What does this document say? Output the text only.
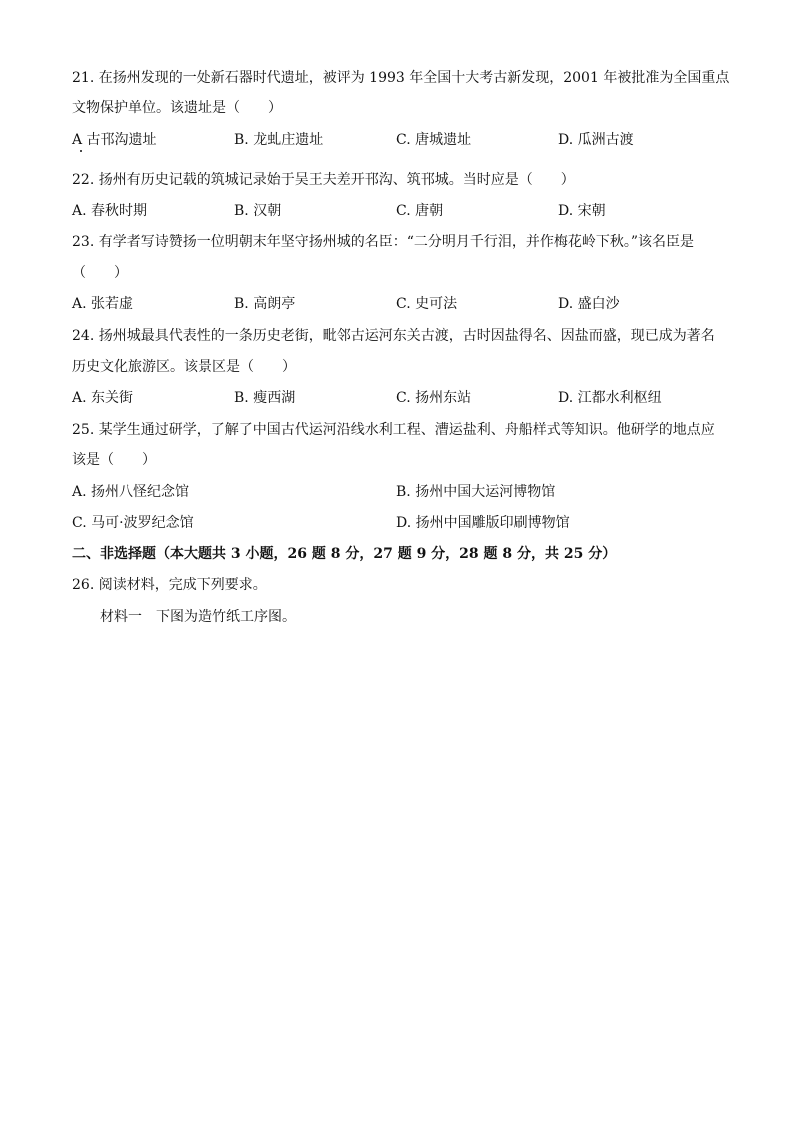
21. 在扬州发现的一处新石器时代遗址，被评为 1993 年全国十大考古新发现，2001 年被批准为全国重点
文物保护单位。该遗址是（　　）
A 古邗沟遗址	B. 龙虬庄遗址	C. 唐城遗址	D. 瓜洲古渡
22. 扬州有历史记载的筑城记录始于吴王夫差开邗沟、筑邗城。当时应是（　　）
A. 春秋时期	B. 汉朝	C. 唐朝	D. 宋朝
23. 有学者写诗赞扬一位明朝末年坚守扬州城的名臣：“二分明月千行泪，并作梅花岭下秋。”该名臣是
（　　）
A. 张若虚	B. 高朗亭	C. 史可法	D. 盛白沙
24. 扬州城最具代表性的一条历史老街，毗邻古运河东关古渡，古时因盐得名、因盐而盛，现已成为著名
历史文化旅游区。该景区是（　　）
A. 东关街	B. 瘦西湖	C. 扬州东站	D. 江都水利枢纽
25. 某学生通过研学，了解了中国古代运河沿线水利工程、漕运盐利、舟船样式等知识。他研学的地点应
该是（　　）
A. 扬州八怪纪念馆	B. 扬州中国大运河博物馆
C. 马可·波罗纪念馆	D. 扬州中国雕版印刷博物馆
二、非选择题（本大题共 3 小题，26 题 8 分，27 题 9 分，28 题 8 分，共 25 分）
26. 阅读材料，完成下列要求。
材料一　下图为造竹纸工序图。
